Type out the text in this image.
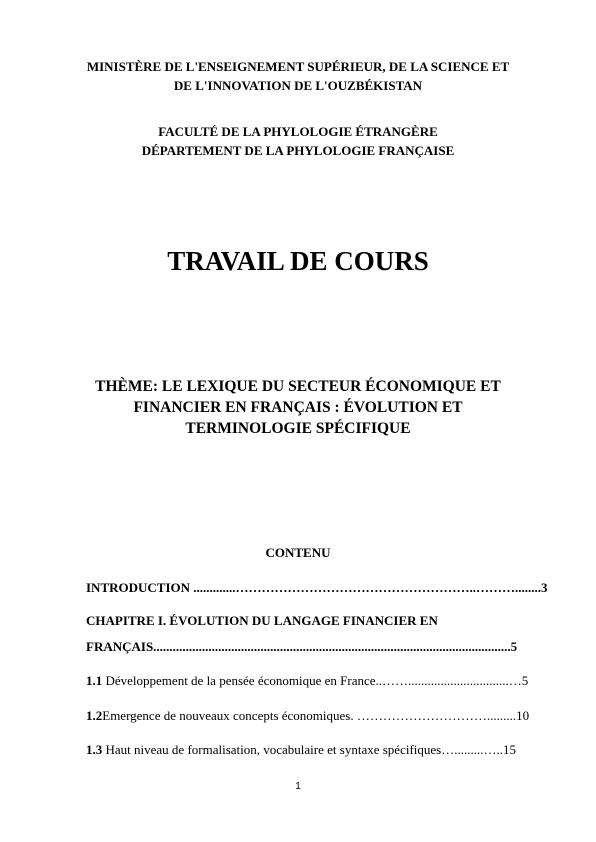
MINISTÈRE DE L'ENSEIGNEMENT SUPÉRIEUR, DE LA SCIENCE ET
DE L'INNOVATION DE L'OUZBÉKISTAN
FACULTÉ DE LA PHYLOLOGIE ÉTRANGÈRE
DÉPARTEMENT DE LA PHYLOLOGIE FRANÇAISE
TRAVAIL DE COURS
THÈME: LE LEXIQUE DU SECTEUR ÉCONOMIQUE ET
FINANCIER EN FRANÇAIS : ÉVOLUTION ET
TERMINOLOGIE SPÉCIFIQUE
CONTENU
INTRODUCTION .............………………………………………………..………........3
CHAPITRE I. ÉVOLUTION DU LANGAGE FINANCIER EN
FRANÇAIS..............................................................................................................5
1.1 Développement de la pensée économique en France..……...............................…5
1.2Emergence de nouveaux concepts économiques. ………………………….........10
1.3 Haut niveau de formalisation, vocabulaire et syntaxe spécifiques….........…..15
1
